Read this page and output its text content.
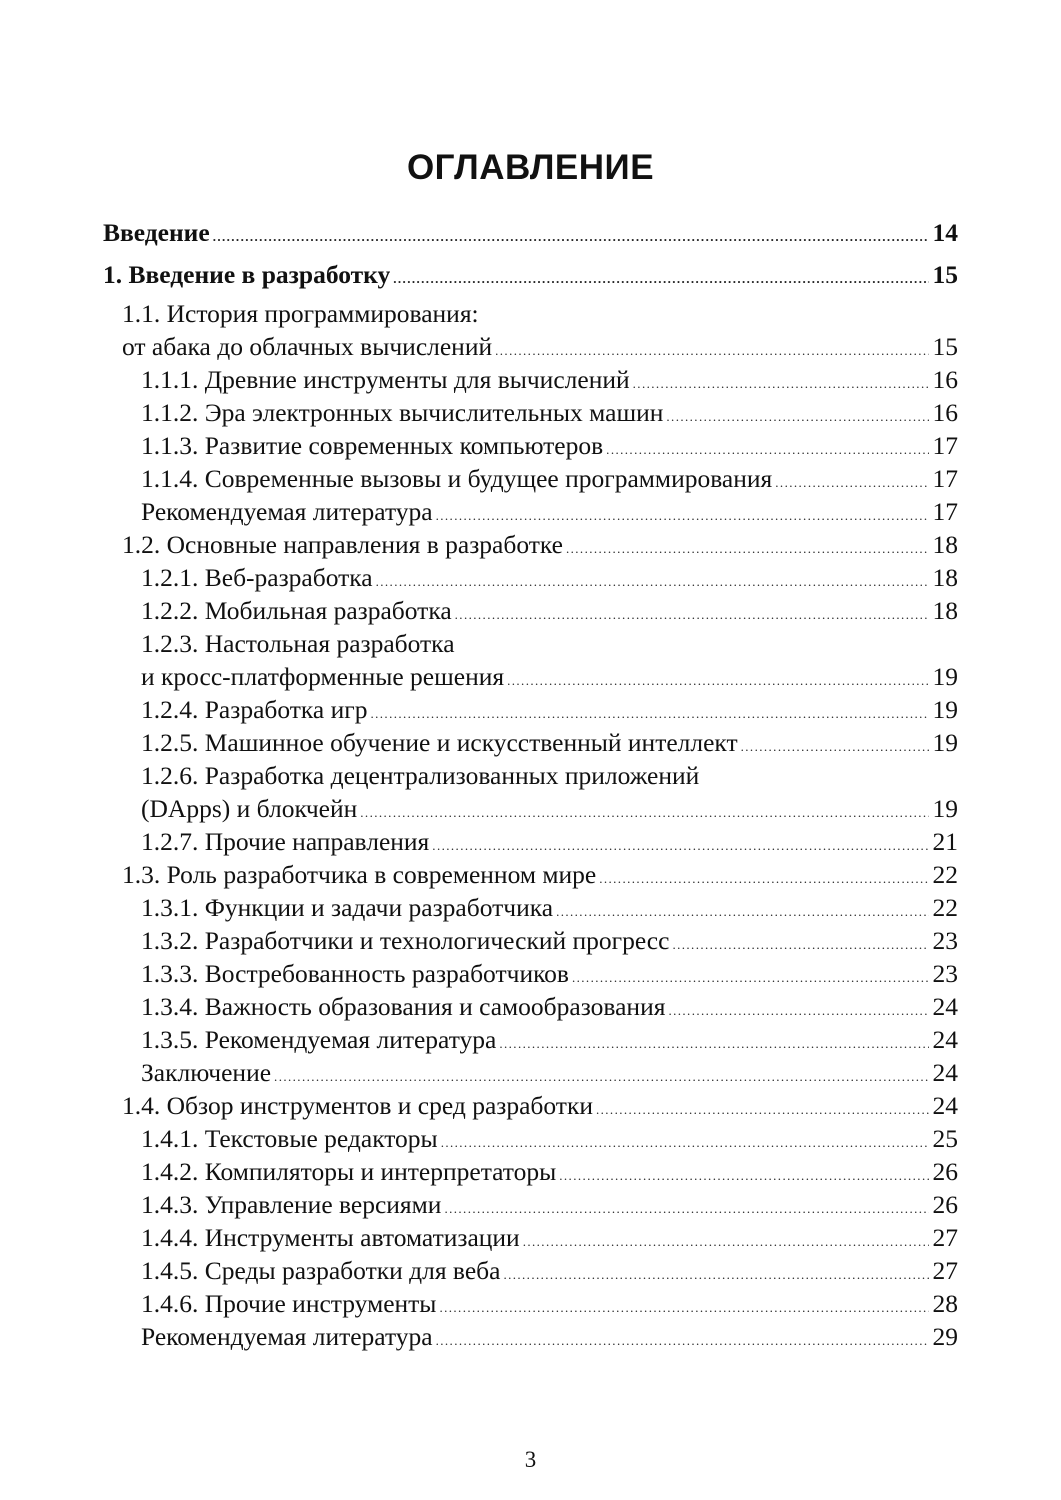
ОГЛАВЛЕНИЕ
Введение .....	14
1. Введение в разработку .....	15
1.1. История программирования:
от абака до облачных вычислений .....	15
1.1.1. Древние инструменты для вычислений .....	16
1.1.2. Эра электронных вычислительных машин .....	16
1.1.3. Развитие современных компьютеров .....	17
1.1.4. Современные вызовы и будущее программирования .....	17
Рекомендуемая литература .....	17
1.2. Основные направления в разработке .....	18
1.2.1. Веб-разработка .....	18
1.2.2. Мобильная разработка .....	18
1.2.3. Настольная разработка
и кросс-платформенные решения .....	19
1.2.4. Разработка игр .....	19
1.2.5. Машинное обучение и искусственный интеллект .....	19
1.2.6. Разработка децентрализованных приложений
(DApps) и блокчейн .....	19
1.2.7. Прочие направления .....	21
1.3. Роль разработчика в современном мире .....	22
1.3.1. Функции и задачи разработчика .....	22
1.3.2. Разработчики и технологический прогресс .....	23
1.3.3. Востребованность разработчиков .....	23
1.3.4. Важность образования и самообразования .....	24
1.3.5. Рекомендуемая литература .....	24
Заключение .....	24
1.4. Обзор инструментов и сред разработки .....	24
1.4.1. Текстовые редакторы .....	25
1.4.2. Компиляторы и интерпретаторы .....	26
1.4.3. Управление версиями .....	26
1.4.4. Инструменты автоматизации .....	27
1.4.5. Среды разработки для веба .....	27
1.4.6. Прочие инструменты .....	28
Рекомендуемая литература .....	29
3
